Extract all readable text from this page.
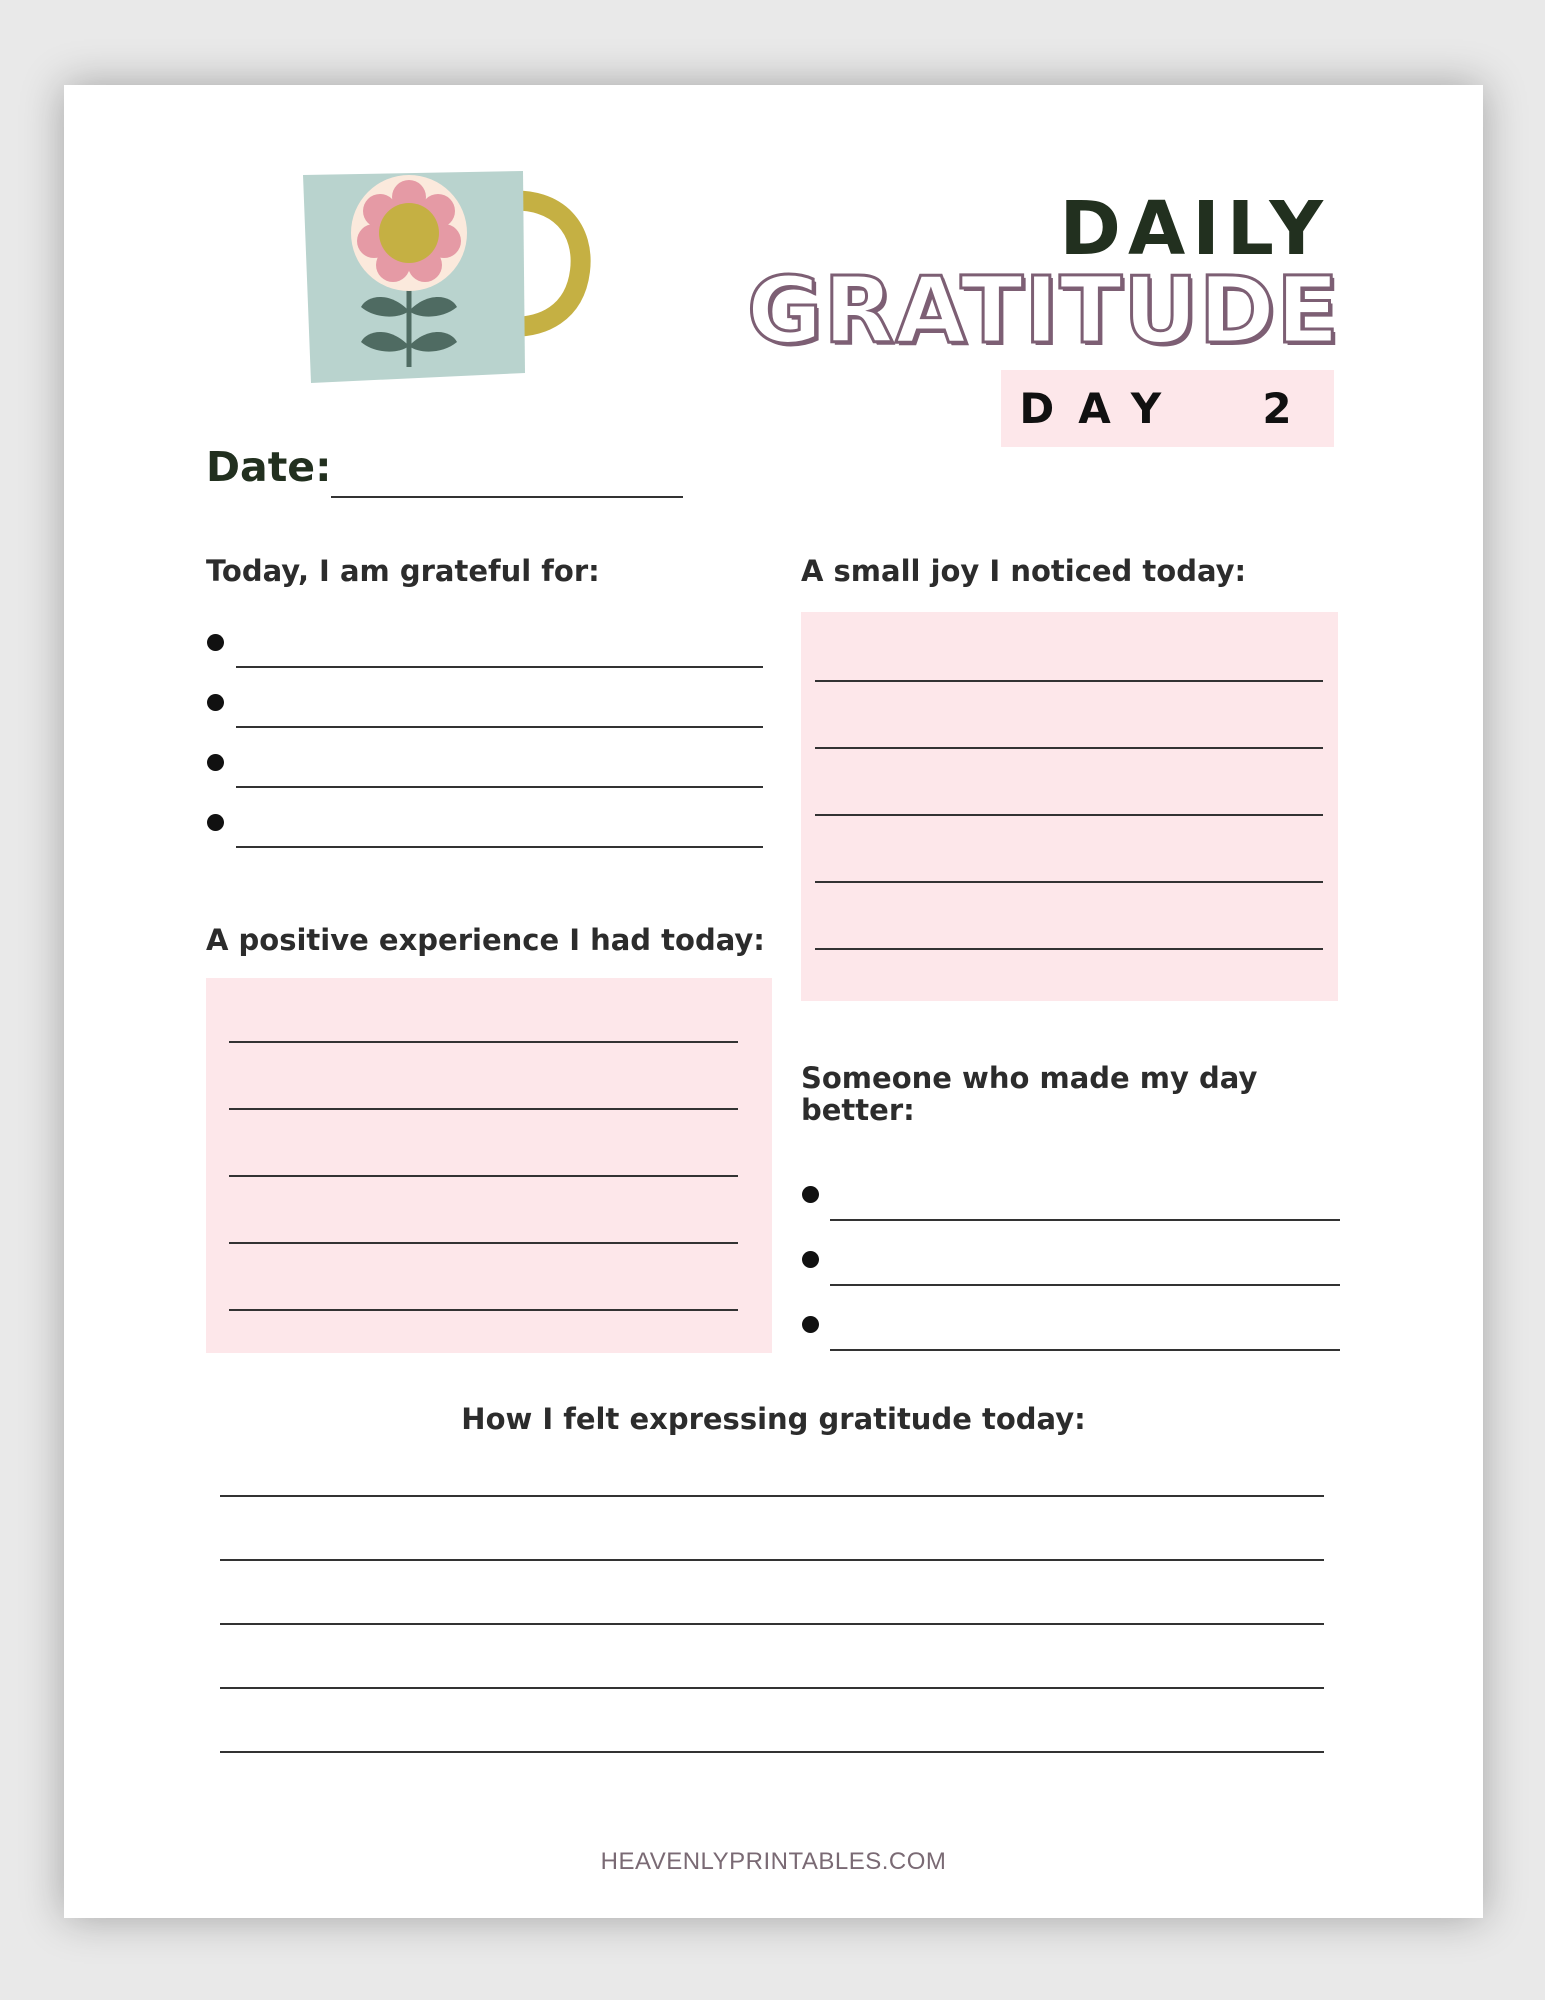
DAILY
GRATITUDE
DAY  2
Date:
Today, I am grateful for:	A small joy I noticed today:
A positive experience I had today:
Someone who made my day better:
How I felt expressing gratitude today:
HEAVENLYPRINTABLES.COM
